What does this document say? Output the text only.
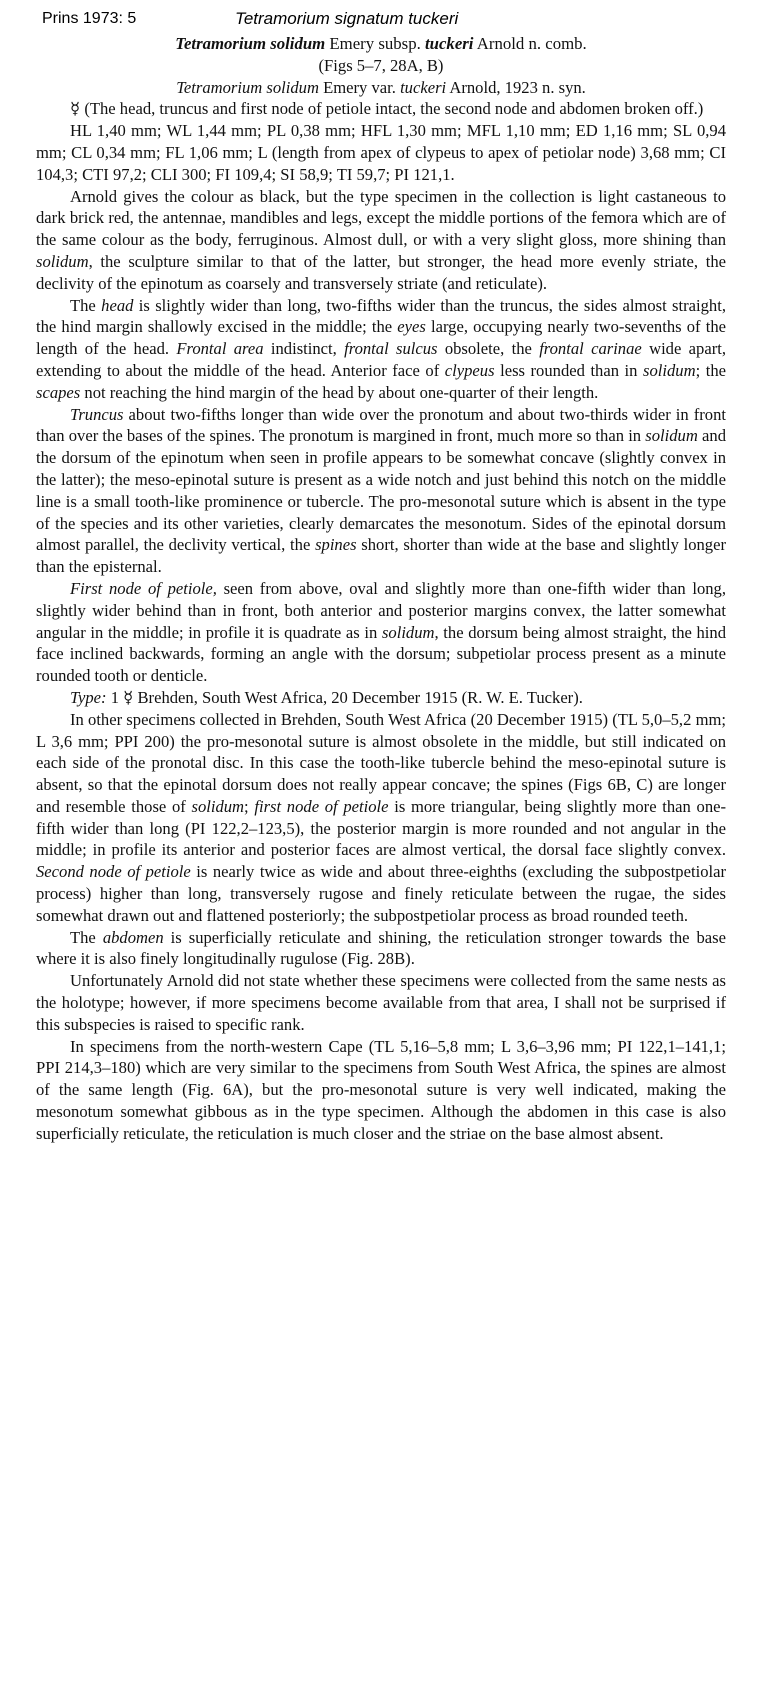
Prins 1973: 5	Tetramorium signatum tuckeri

Tetramorium solidum Emery subsp. tuckeri Arnold n. comb.

(Figs 5–7, 28A, B)

Tetramorium solidum Emery var. tuckeri Arnold, 1923 n. syn.

☿ (The head, truncus and first node of petiole intact, the second node and abdomen broken off.)

HL 1,40 mm; WL 1,44 mm; PL 0,38 mm; HFL 1,30 mm; MFL 1,10 mm; ED 1,16 mm; SL 0,94 mm; CL 0,34 mm; FL 1,06 mm; L (length from apex of clypeus to apex of petiolar node) 3,68 mm; CI 104,3; CTI 97,2; CLI 300; FI 109,4; SI 58,9; TI 59,7; PI 121,1.

Arnold gives the colour as black, but the type specimen in the collection is light castaneous to dark brick red, the antennae, mandibles and legs, except the middle portions of the femora which are of the same colour as the body, ferruginous. Almost dull, or with a very slight gloss, more shining than solidum, the sculpture similar to that of the latter, but stronger, the head more evenly striate, the declivity of the epinotum as coarsely and transversely striate (and reticulate).

The head is slightly wider than long, two-fifths wider than the truncus, the sides almost straight, the hind margin shallowly excised in the middle; the eyes large, occupying nearly two-sevenths of the length of the head. Frontal area indistinct, frontal sulcus obsolete, the frontal carinae wide apart, extending to about the middle of the head. Anterior face of clypeus less rounded than in solidum; the scapes not reaching the hind margin of the head by about one-quarter of their length.

Truncus about two-fifths longer than wide over the pronotum and about two-thirds wider in front than over the bases of the spines. The pronotum is margined in front, much more so than in solidum and the dorsum of the epinotum when seen in profile appears to be somewhat concave (slightly convex in the latter); the meso-epinotal suture is present as a wide notch and just behind this notch on the middle line is a small tooth-like prominence or tubercle. The pro-mesonotal suture which is absent in the type of the species and its other varieties, clearly demarcates the mesonotum. Sides of the epinotal dorsum almost parallel, the declivity vertical, the spines short, shorter than wide at the base and slightly longer than the episternal.

First node of petiole, seen from above, oval and slightly more than one-fifth wider than long, slightly wider behind than in front, both anterior and posterior margins convex, the latter somewhat angular in the middle; in profile it is quadrate as in solidum, the dorsum being almost straight, the hind face inclined backwards, forming an angle with the dorsum; subpetiolar process present as a minute rounded tooth or denticle.

Type: 1 ☿ Brehden, South West Africa, 20 December 1915 (R. W. E. Tucker).

In other specimens collected in Brehden, South West Africa (20 December 1915) (TL 5,0–5,2 mm; L 3,6 mm; PPI 200) the pro-mesonotal suture is almost obsolete in the middle, but still indicated on each side of the pronotal disc. In this case the tooth-like tubercle behind the meso-epinotal suture is absent, so that the epinotal dorsum does not really appear concave; the spines (Figs 6B, C) are longer and resemble those of solidum; first node of petiole is more triangular, being slightly more than one-fifth wider than long (PI 122,2–123,5), the posterior margin is more rounded and not angular in the middle; in profile its anterior and posterior faces are almost vertical, the dorsal face slightly convex. Second node of petiole is nearly twice as wide and about three-eighths (excluding the subpostpetiolar process) higher than long, transversely rugose and finely reticulate between the rugae, the sides somewhat drawn out and flattened posteriorly; the subpostpetiolar process as broad rounded teeth.

The abdomen is superficially reticulate and shining, the reticulation stronger towards the base where it is also finely longitudinally rugulose (Fig. 28B).

Unfortunately Arnold did not state whether these specimens were collected from the same nests as the holotype; however, if more specimens become available from that area, I shall not be surprised if this subspecies is raised to specific rank.

In specimens from the north-western Cape (TL 5,16–5,8 mm; L 3,6–3,96 mm; PI 122,1–141,1; PPI 214,3–180) which are very similar to the specimens from South West Africa, the spines are almost of the same length (Fig. 6A), but the pro-mesonotal suture is very well indicated, making the mesonotum somewhat gibbous as in the type specimen. Although the abdomen in this case is also superficially reticulate, the reticulation is much closer and the striae on the base almost absent.
